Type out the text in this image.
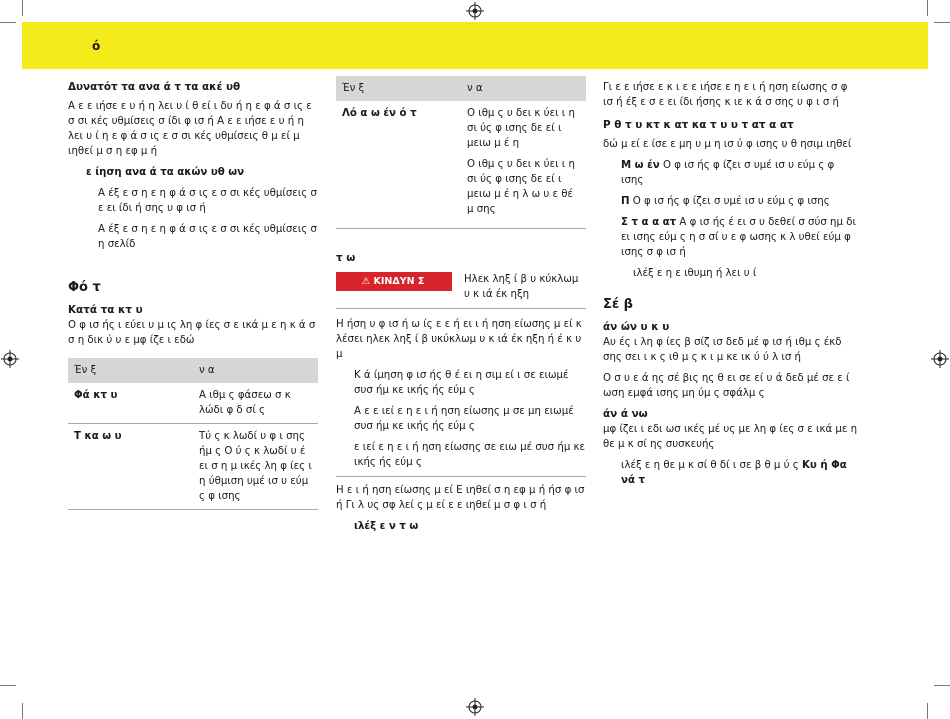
ό
Δυνατότ τα ανα ά τ τα ακέ υθ
Α ε ε ιήσε ε υ ή η λει υ ί θ εί ι δυ ή η ε φ ά σ ις ε σ σι κές υθμίσεις σ ίδι φ ισ ή Α ε ε ιήσε ε υ ή η λει υ ί η ε φ ά σ ις ε σ σι κές υθμίσεις θ μ εί μ ιηθεί μ σ η εφ μ ή
ε ίηση ανα ά τα ακών υθ ων
Α έξ ε σ η ε η φ ά σ ις ε σ σι κές υθμίσεις σ ε ει ίδι ή σης υ φ ισ ή
Α έξ ε σ η ε η φ ά σ ις ε σ σι κές υθμίσεις σ η σελίδ
Φό τ
Κατά τα κτ υ
Ο φ ισ ής ι εύει υ μ ις λη φ ίες σ ε ικά μ ε η κ ά σ σ η δικ ύ υ ε μφ ίζε ι εδώ
Έν ξ	ν α
Φά κτ υ	Α ιθμ ς φάσεω σ κ λώδι φ δ σί ς
Τ κα ω υ	Τύ ς κ λωδί υ φ ι σης ήμ ς Ο ύ ς κ λωδί υ έ ει σ η μ ικές λη φ ίες ι η ύθμιση υμέ ισ υ εύμ ς φ ισης
Έν ξ	ν α
Λό α ω έν ό τ	Ο ιθμ ς υ δει κ ύει ι η σι ύς φ ισης δε εί ι μειω μ έ η
Ο ιθμ ς υ δει κ ύει ι η σι ύς φ ισης δε εί ι μειω μ έ η λ ω υ ε θέ μ σης
τ ω
⚠ ΚΙΝΔΥΝ Σ	Ηλεκ ληξ ί β υ κύκλωμ υ κ ιά έκ ηξη
Η ήση υ φ ισ ή ω ίς ε ε ή ει ι ή ηση είωσης μ εί κ λέσει ηλεκ ληξ ί β υκύκλωμ υ κ ιά έκ ηξη ή έ κ υ μ
Κ ά ίμηση φ ισ ής θ έ ει η σιμ εί ι σε ειωμέ συσ ήμ κε ικής ής εύμ ς
Α ε ε ιεί ε η ε ι ή ηση είωσης μ σε μη ειωμέ συσ ήμ κε ικής ής εύμ ς
ε ιεί ε η ε ι ή ηση είωσης σε ειω μέ συσ ήμ κε ικής ής εύμ ς
Η ε ι ή ηση είωσης μ εί Ε ιηθεί σ η εφ μ ή ήσ φ ισ ή Γι λ υς σφ λεί ς μ εί ε ε ιηθεί μ σ φ ι σ ή
ιλέξ ε ν τ ω
Γι ε ε ιήσε ε κ ι ε ε ιήσε ε η ε ι ή ηση είωσης σ φ ισ ή έξ ε σ ε ει ίδι ήσης κ ιε κ ά σ σης υ φ ι σ ή
Ρ θ τ υ κτ κ ατ κα τ υ υ τ ατ α ατ
δώ μ εί ε ίσε ε μη υ μ η ισ ύ φ ισης υ θ ησιμ ιηθεί
Μ ω έν Ο φ ισ ής φ ίζει σ υμέ ισ υ εύμ ς φ ισης
Π Ο φ ισ ής φ ίζει σ υμέ ισ υ εύμ ς φ ισης
Σ τ α α ατ Α φ ισ ής έ ει σ υ δεθεί σ σύσ ημ δι ει ισης εύμ ς η σ σί υ ε φ ωσης κ λ υθεί εύμ φ ισης σ φ ισ ή
ιλέξ ε η ε ιθυμη ή λει υ ί
Σέ β
άν ών υ κ υ
Αυ ές ι λη φ ίες β σίζ ισ δεδ μέ φ ισ ή ιθμ ς έκδ σης σει ι κ ς ιθ μ ς κ ι μ κε ικ ύ ύ λ ισ ή
Ο σ υ ε ά ης σέ βις ης θ ει σε εί υ ά δεδ μέ σε ε ί ωση εμφά ισης μη ύμ ς σφάλμ ς
άν ά νω
μφ ίζει ι εδι ωσ ικές μέ υς με λη φ ίες σ ε ικά με η θε μ κ σί ης συσκευής
ιλέξ ε η θε μ κ σί θ δί ι σε β θ μ ύ ς Κυ ή Φα νά τ
